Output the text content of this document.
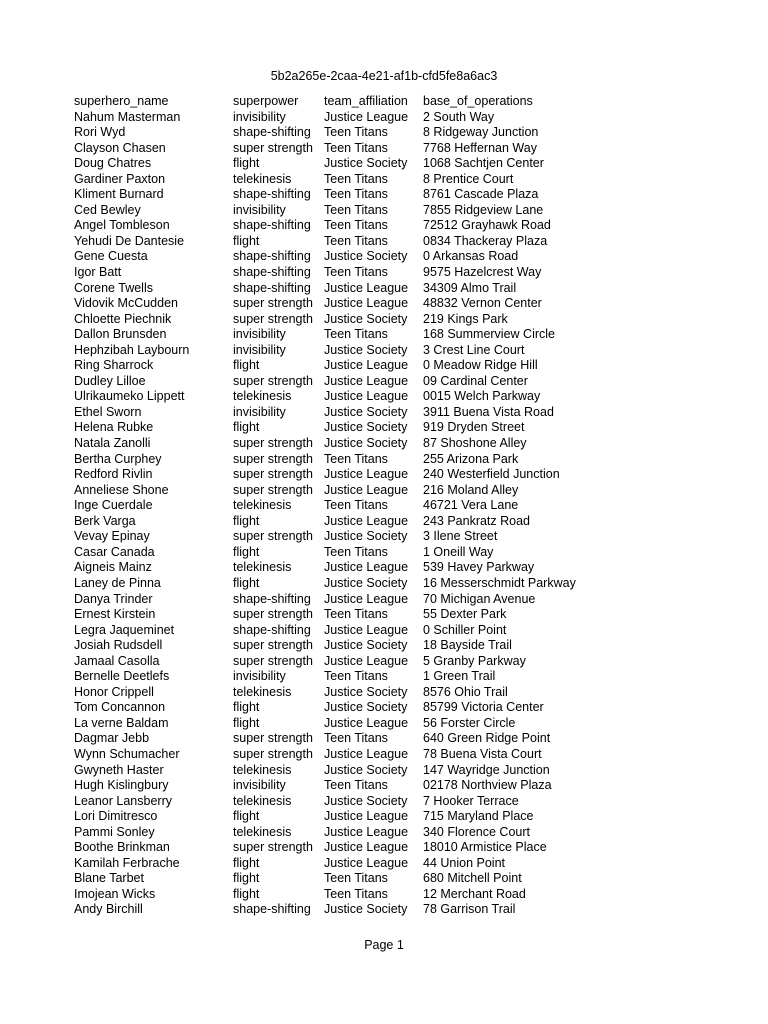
5b2a265e-2caa-4e21-af1b-cfd5fe8a6ac3
superhero_name	superpower	team_affiliation	base_of_operations
Nahum Masterman	invisibility	Justice League	2 South Way
Rori Wyd	shape-shifting	Teen Titans	8 Ridgeway Junction
Clayson Chasen	super strength	Teen Titans	7768 Heffernan Way
Doug Chatres	flight	Justice Society	1068 Sachtjen Center
Gardiner Paxton	telekinesis	Teen Titans	8 Prentice Court
Kliment Burnard	shape-shifting	Teen Titans	8761 Cascade Plaza
Ced Bewley	invisibility	Teen Titans	7855 Ridgeview Lane
Angel Tombleson	shape-shifting	Teen Titans	72512 Grayhawk Road
Yehudi De Dantesie	flight	Teen Titans	0834 Thackeray Plaza
Gene Cuesta	shape-shifting	Justice Society	0 Arkansas Road
Igor Batt	shape-shifting	Teen Titans	9575 Hazelcrest Way
Corene Twells	shape-shifting	Justice League	34309 Almo Trail
Vidovik McCudden	super strength	Justice League	48832 Vernon Center
Chloette Piechnik	super strength	Justice Society	219 Kings Park
Dallon Brunsden	invisibility	Teen Titans	168 Summerview Circle
Hephzibah Laybourn	invisibility	Justice Society	3 Crest Line Court
Ring Sharrock	flight	Justice League	0 Meadow Ridge Hill
Dudley Lilloe	super strength	Justice League	09 Cardinal Center
Ulrikaumeko Lippett	telekinesis	Justice League	0015 Welch Parkway
Ethel Sworn	invisibility	Justice Society	3911 Buena Vista Road
Helena Rubke	flight	Justice Society	919 Dryden Street
Natala Zanolli	super strength	Justice Society	87 Shoshone Alley
Bertha Curphey	super strength	Teen Titans	255 Arizona Park
Redford Rivlin	super strength	Justice League	240 Westerfield Junction
Anneliese Shone	super strength	Justice League	216 Moland Alley
Inge Cuerdale	telekinesis	Teen Titans	46721 Vera Lane
Berk Varga	flight	Justice League	243 Pankratz Road
Vevay Epinay	super strength	Justice Society	3 Ilene Street
Casar Canada	flight	Teen Titans	1 Oneill Way
Aigneis Mainz	telekinesis	Justice League	539 Havey Parkway
Laney de Pinna	flight	Justice Society	16 Messerschmidt Parkway
Danya Trinder	shape-shifting	Justice League	70 Michigan Avenue
Ernest Kirstein	super strength	Teen Titans	55 Dexter Park
Legra Jaqueminet	shape-shifting	Justice League	0 Schiller Point
Josiah Rudsdell	super strength	Justice Society	18 Bayside Trail
Jamaal Casolla	super strength	Justice League	5 Granby Parkway
Bernelle Deetlefs	invisibility	Teen Titans	1 Green Trail
Honor Crippell	telekinesis	Justice Society	8576 Ohio Trail
Tom Concannon	flight	Justice Society	85799 Victoria Center
La verne Baldam	flight	Justice League	56 Forster Circle
Dagmar Jebb	super strength	Teen Titans	640 Green Ridge Point
Wynn Schumacher	super strength	Justice League	78 Buena Vista Court
Gwyneth Haster	telekinesis	Justice Society	147 Wayridge Junction
Hugh Kislingbury	invisibility	Teen Titans	02178 Northview Plaza
Leanor Lansberry	telekinesis	Justice Society	7 Hooker Terrace
Lori Dimitresco	flight	Justice League	715 Maryland Place
Pammi Sonley	telekinesis	Justice League	340 Florence Court
Boothe Brinkman	super strength	Justice League	18010 Armistice Place
Kamilah Ferbrache	flight	Justice League	44 Union Point
Blane Tarbet	flight	Teen Titans	680 Mitchell Point
Imojean Wicks	flight	Teen Titans	12 Merchant Road
Andy Birchill	shape-shifting	Justice Society	78 Garrison Trail
Page 1
